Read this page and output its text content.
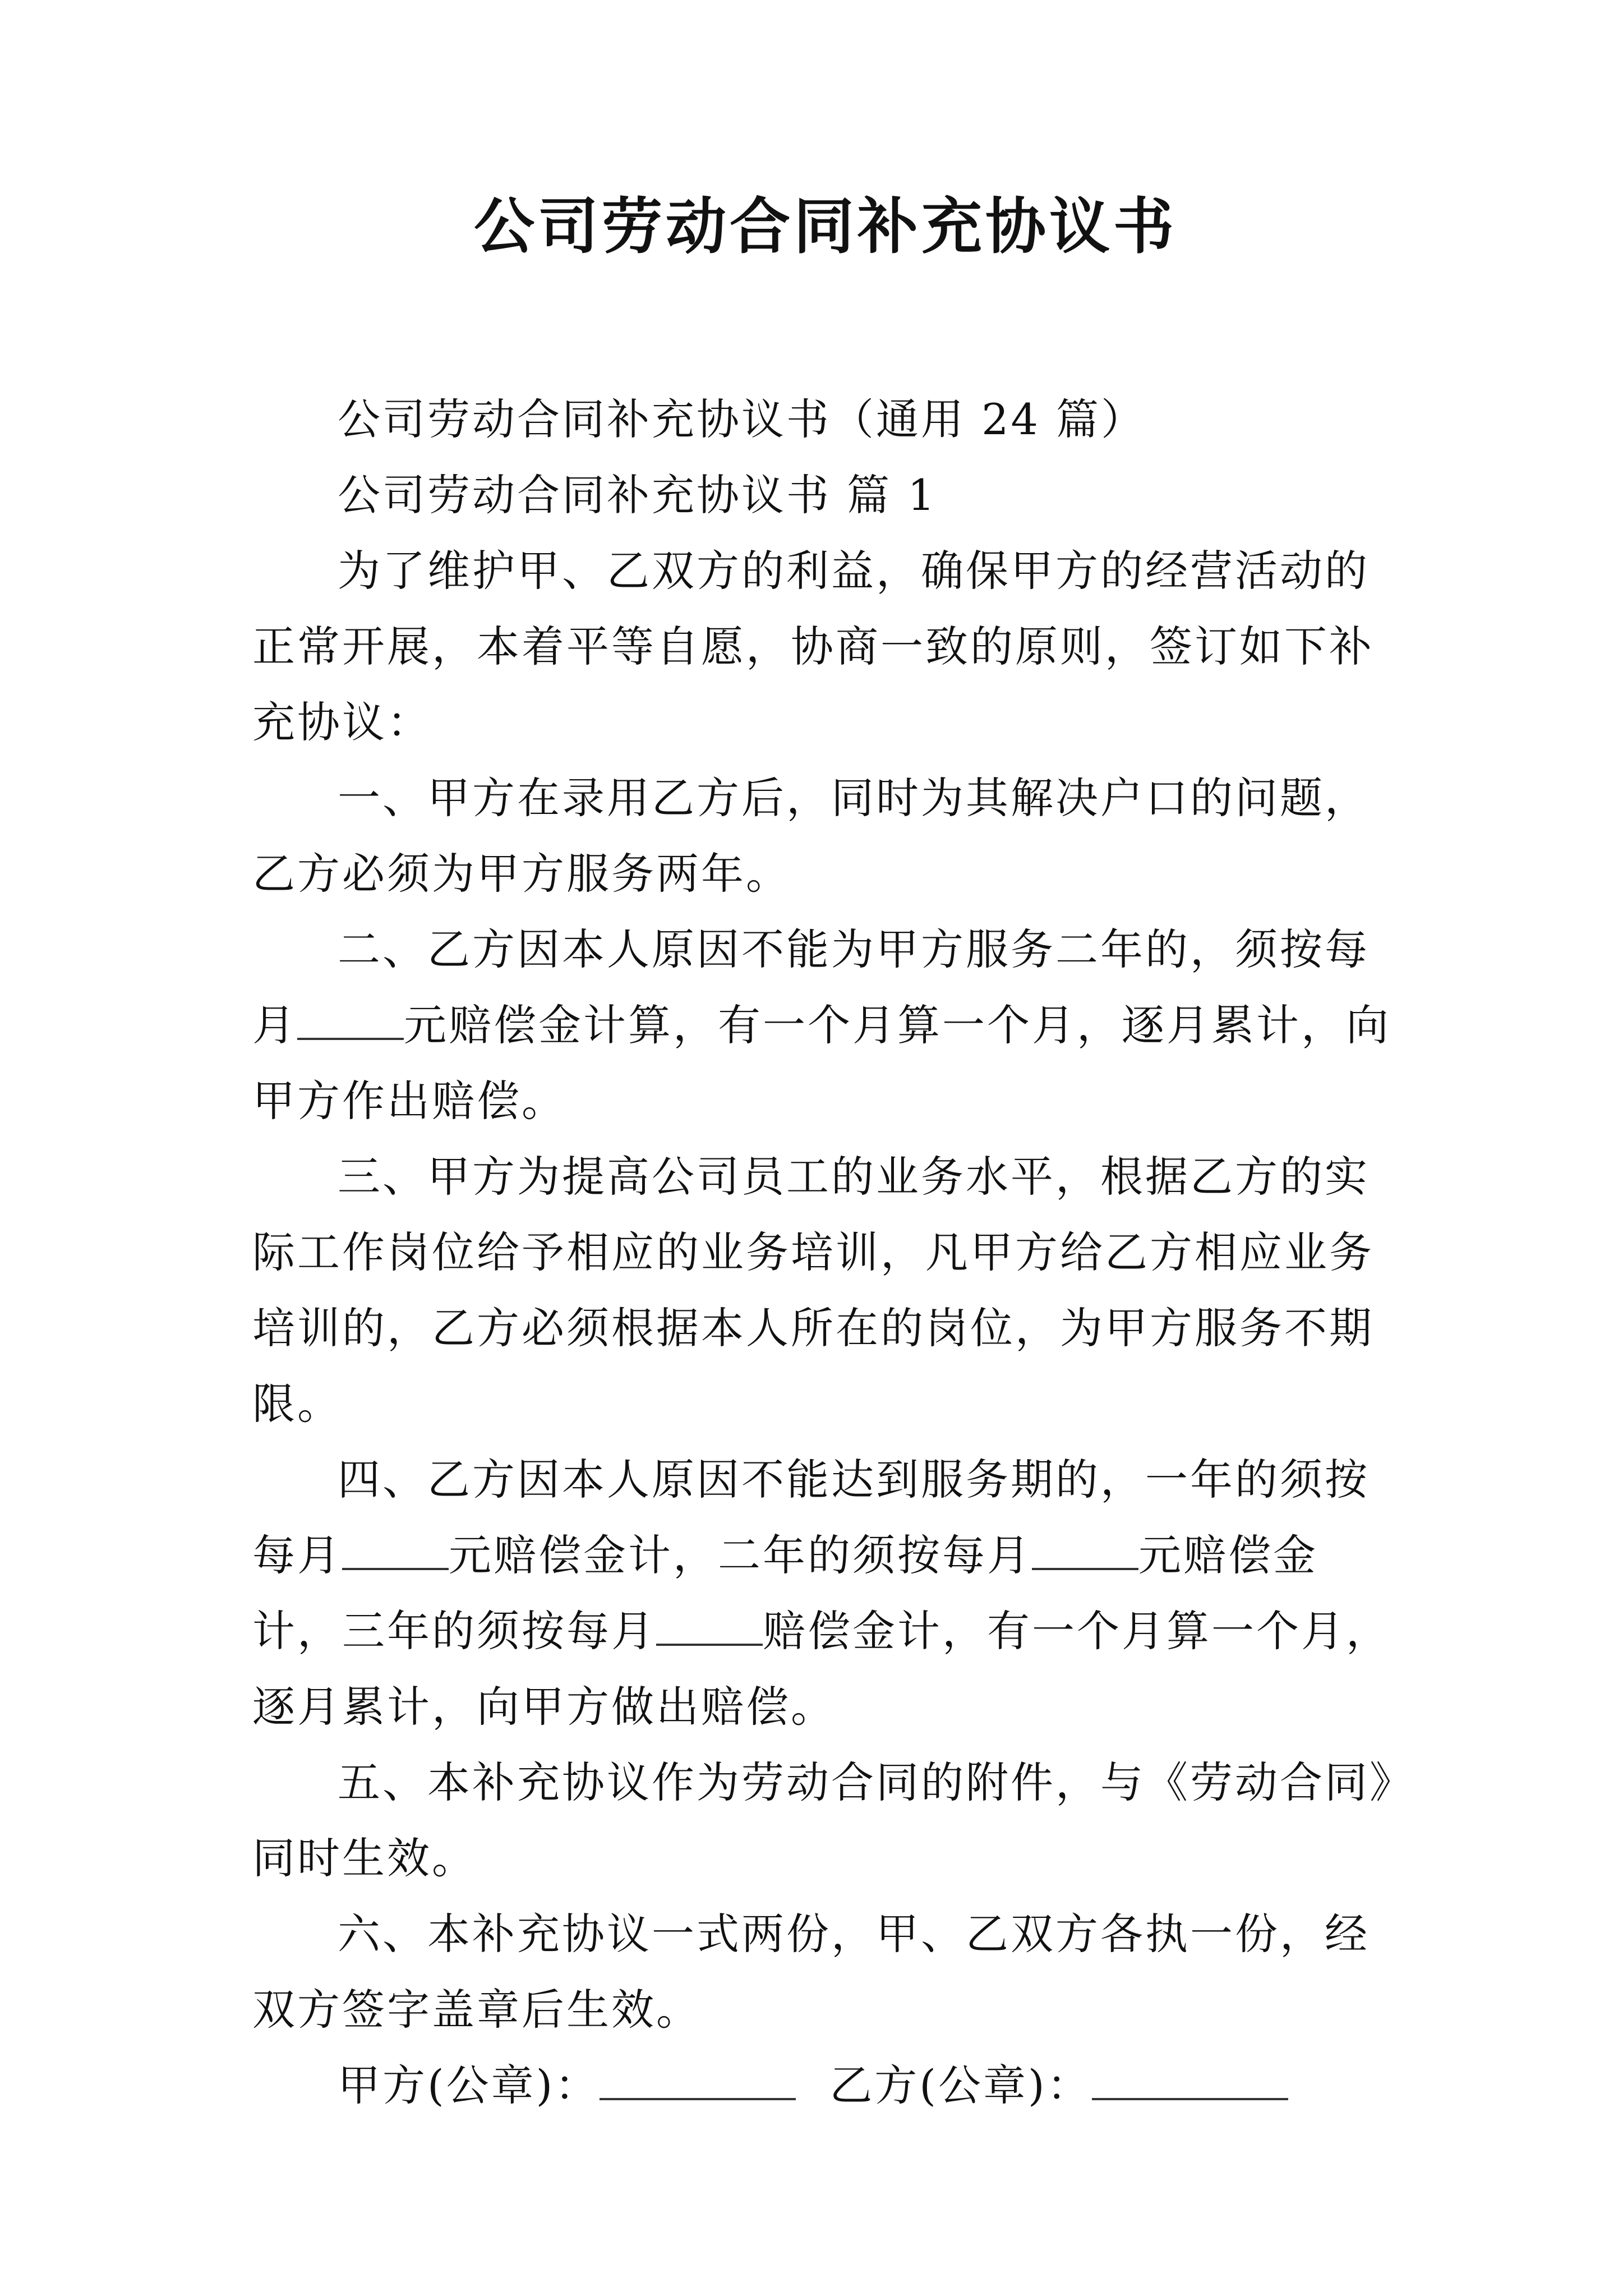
公司劳动合同补充协议书

公司劳动合同补充协议书（通用 24 篇）

公司劳动合同补充协议书 篇 1

为了维护甲、乙双方的利益，确保甲方的经营活动的正常开展，本着平等自愿，协商一致的原则，签订如下补充协议：

一、甲方在录用乙方后，同时为其解决户口的问题，乙方必须为甲方服务两年。

二、乙方因本人原因不能为甲方服务二年的，须按每月	元赔偿金计算，有一个月算一个月，逐月累计，向甲方作出赔偿。

三、甲方为提高公司员工的业务水平，根据乙方的实际工作岗位给予相应的业务培训，凡甲方给乙方相应业务培训的，乙方必须根据本人所在的岗位，为甲方服务不期限。

四、乙方因本人原因不能达到服务期的，一年的须按每月	元赔偿金计，二年的须按每月	元赔偿金计，三年的须按每月	赔偿金计，有一个月算一个月，逐月累计，向甲方做出赔偿。

五、本补充协议作为劳动合同的附件，与《劳动合同》同时生效。

六、本补充协议一式两份，甲、乙双方各执一份，经双方签字盖章后生效。

甲方(公章)：	乙方(公章)：
